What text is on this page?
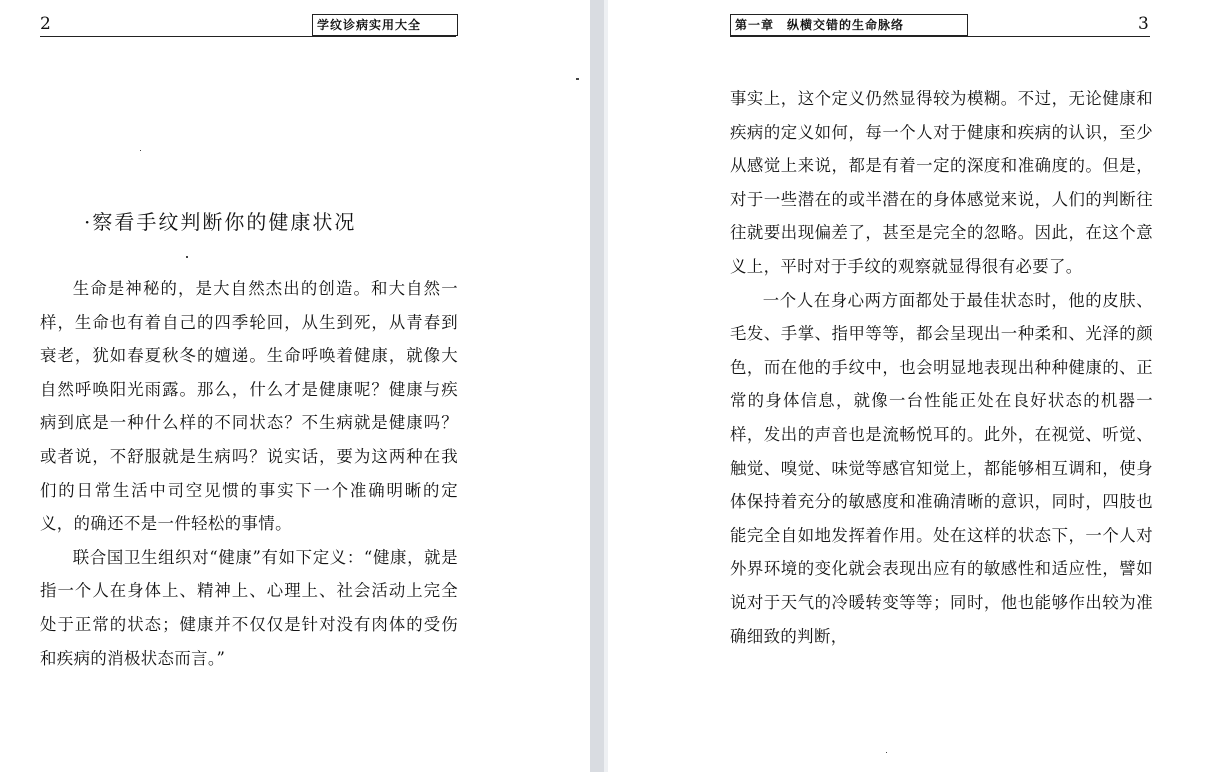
2	学纹诊病实用大全
·察看手纹判断你的健康状况

生命是神秘的，是大自然杰出的创造。和大自然一样，生命也有着自己的四季轮回，从生到死，从青春到衰老，犹如春夏秋冬的嬗递。生命呼唤着健康，就像大自然呼唤阳光雨露。那么，什么才是健康呢？健康与疾病到底是一种什么样的不同状态？不生病就是健康吗？或者说，不舒服就是生病吗？说实话，要为这两种在我们的日常生活中司空见惯的事实下一个准确明晰的定义，的确还不是一件轻松的事情。

联合国卫生组织对“健康”有如下定义：“健康，就是指一个人在身体上、精神上、心理上、社会活动上完全处于正常的状态；健康并不仅仅是针对没有肉体的受伤和疾病的消极状态而言。”

第一章　纵横交错的生命脉络	3

事实上，这个定义仍然显得较为模糊。不过，无论健康和疾病的定义如何，每一个人对于健康和疾病的认识，至少从感觉上来说，都是有着一定的深度和准确度的。但是，对于一些潜在的或半潜在的身体感觉来说，人们的判断往往就要出现偏差了，甚至是完全的忽略。因此，在这个意义上，平时对于手纹的观察就显得很有必要了。

一个人在身心两方面都处于最佳状态时，他的皮肤、毛发、手掌、指甲等等，都会呈现出一种柔和、光泽的颜色，而在他的手纹中，也会明显地表现出种种健康的、正常的身体信息，就像一台性能正处在良好状态的机器一样，发出的声音也是流畅悦耳的。此外，在视觉、听觉、触觉、嗅觉、味觉等感官知觉上，都能够相互调和，使身体保持着充分的敏感度和准确清晰的意识，同时，四肢也能完全自如地发挥着作用。处在这样的状态下，一个人对外界环境的变化就会表现出应有的敏感性和适应性，譬如说对于天气的冷暖转变等等；同时，他也能够作出较为准确细致的判断，
